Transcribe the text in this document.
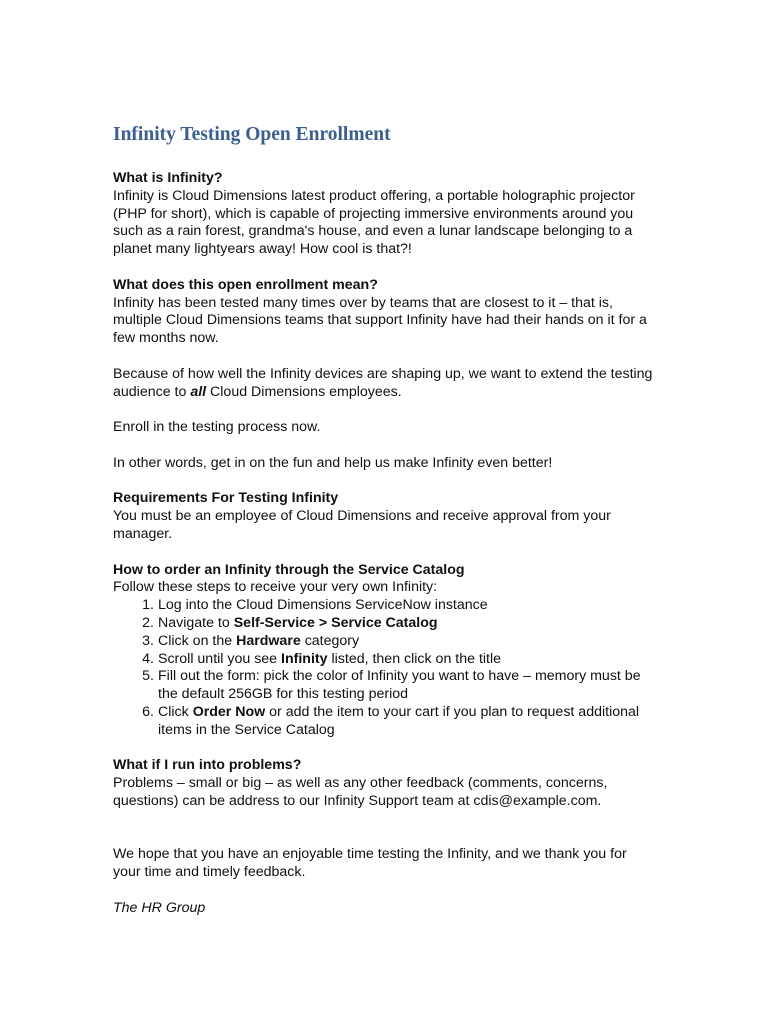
Infinity Testing Open Enrollment
What is Infinity?
Infinity is Cloud Dimensions latest product offering, a portable holographic projector (PHP for short), which is capable of projecting immersive environments around you such as a rain forest, grandma's house, and even a lunar landscape belonging to a planet many lightyears away! How cool is that?!
What does this open enrollment mean?
Infinity has been tested many times over by teams that are closest to it – that is, multiple Cloud Dimensions teams that support Infinity have had their hands on it for a few months now.
Because of how well the Infinity devices are shaping up, we want to extend the testing audience to all Cloud Dimensions employees.
Enroll in the testing process now.
In other words, get in on the fun and help us make Infinity even better!
Requirements For Testing Infinity
You must be an employee of Cloud Dimensions and receive approval from your manager.
How to order an Infinity through the Service Catalog
Follow these steps to receive your very own Infinity:
1. Log into the Cloud Dimensions ServiceNow instance
2. Navigate to Self-Service > Service Catalog
3. Click on the Hardware category
4. Scroll until you see Infinity listed, then click on the title
5. Fill out the form: pick the color of Infinity you want to have – memory must be the default 256GB for this testing period
6. Click Order Now or add the item to your cart if you plan to request additional items in the Service Catalog
What if I run into problems?
Problems – small or big – as well as any other feedback (comments, concerns, questions) can be address to our Infinity Support team at cdis@example.com.
We hope that you have an enjoyable time testing the Infinity, and we thank you for your time and timely feedback.
The HR Group
